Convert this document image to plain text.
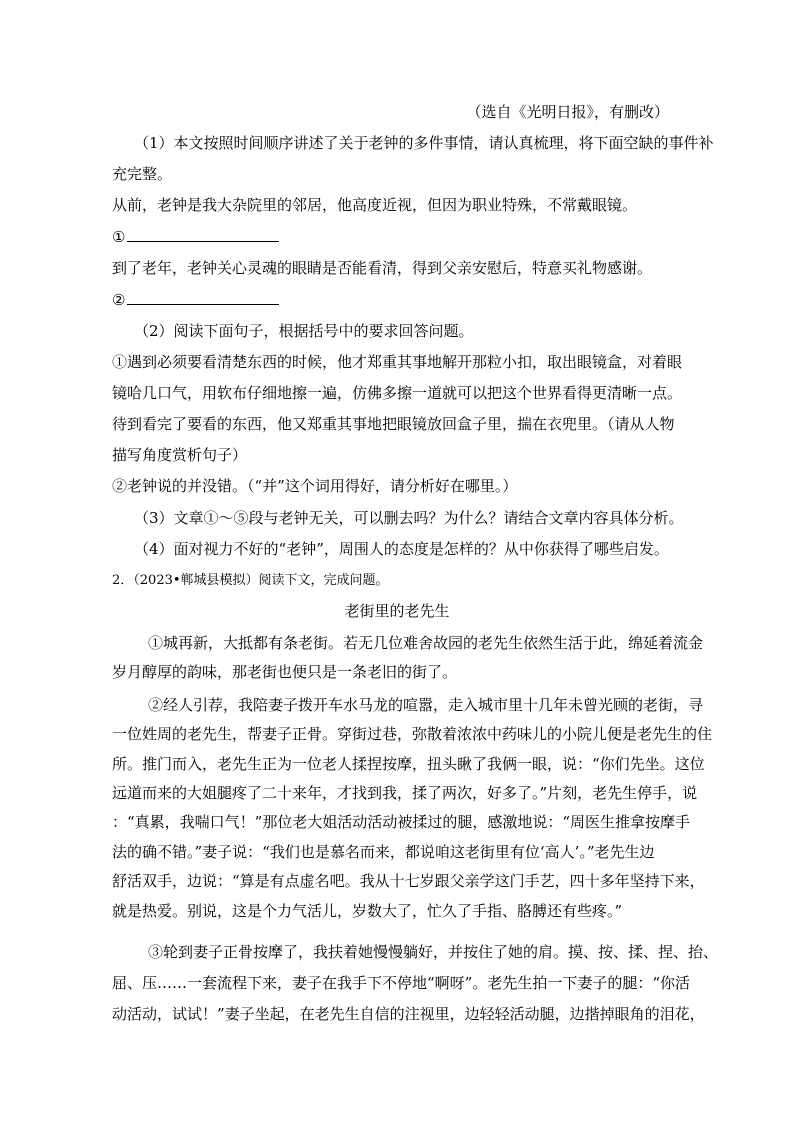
（选自《光明日报》，有删改）
（1）本文按照时间顺序讲述了关于老钟的多件事情，请认真梳理，将下面空缺的事件补
充完整。
从前，老钟是我大杂院里的邻居，他高度近视，但因为职业特殊，不常戴眼镜。
①
到了老年，老钟关心灵魂的眼睛是否能看清，得到父亲安慰后，特意买礼物感谢。
②
（2）阅读下面句子，根据括号中的要求回答问题。
①遇到必须要看清楚东西的时候，他才郑重其事地解开那粒小扣，取出眼镜盒，对着眼
镜哈几口气，用软布仔细地擦一遍，仿佛多擦一道就可以把这个世界看得更清晰一点。
待到看完了要看的东西，他又郑重其事地把眼镜放回盒子里，揣在衣兜里。（请从人物
描写角度赏析句子）
②老钟说的并没错。（“并”这个词用得好，请分析好在哪里。）
（3）文章①～⑤段与老钟无关，可以删去吗？为什么？请结合文章内容具体分析。
（4）面对视力不好的“老钟”，周围人的态度是怎样的？从中你获得了哪些启发。
2．（2023•郸城县模拟）阅读下文，完成问题。
老街里的老先生
①城再新，大抵都有条老街。若无几位难舍故园的老先生依然生活于此，绵延着流金
岁月醇厚的韵味，那老街也便只是一条老旧的街了。
②经人引荐，我陪妻子拨开车水马龙的喧嚣，走入城市里十几年未曾光顾的老街，寻
一位姓周的老先生，帮妻子正骨。穿街过巷，弥散着浓浓中药味儿的小院儿便是老先生的住
所。推门而入，老先生正为一位老人揉捏按摩，扭头瞅了我俩一眼，说：“你们先坐。这位
远道而来的大姐腿疼了二十来年，才找到我，揉了两次，好多了。”片刻，老先生停手，说
：“真累，我喘口气！”那位老大姐活动活动被揉过的腿，感激地说：“周医生推拿按摩手
法的确不错。”妻子说：“我们也是慕名而来，都说咱这老街里有位‘高人’。”老先生边
舒活双手，边说：“算是有点虚名吧。我从十七岁跟父亲学这门手艺，四十多年坚持下来，
就是热爱。别说，这是个力气活儿，岁数大了，忙久了手指、胳膊还有些疼。”
③轮到妻子正骨按摩了，我扶着她慢慢躺好，并按住了她的肩。摸、按、揉、捏、抬、
屈、压……一套流程下来，妻子在我手下不停地“啊呀”。老先生拍一下妻子的腿：“你活
动活动，试试！”妻子坐起，在老先生自信的注视里，边轻轻活动腿，边揩掉眼角的泪花，
